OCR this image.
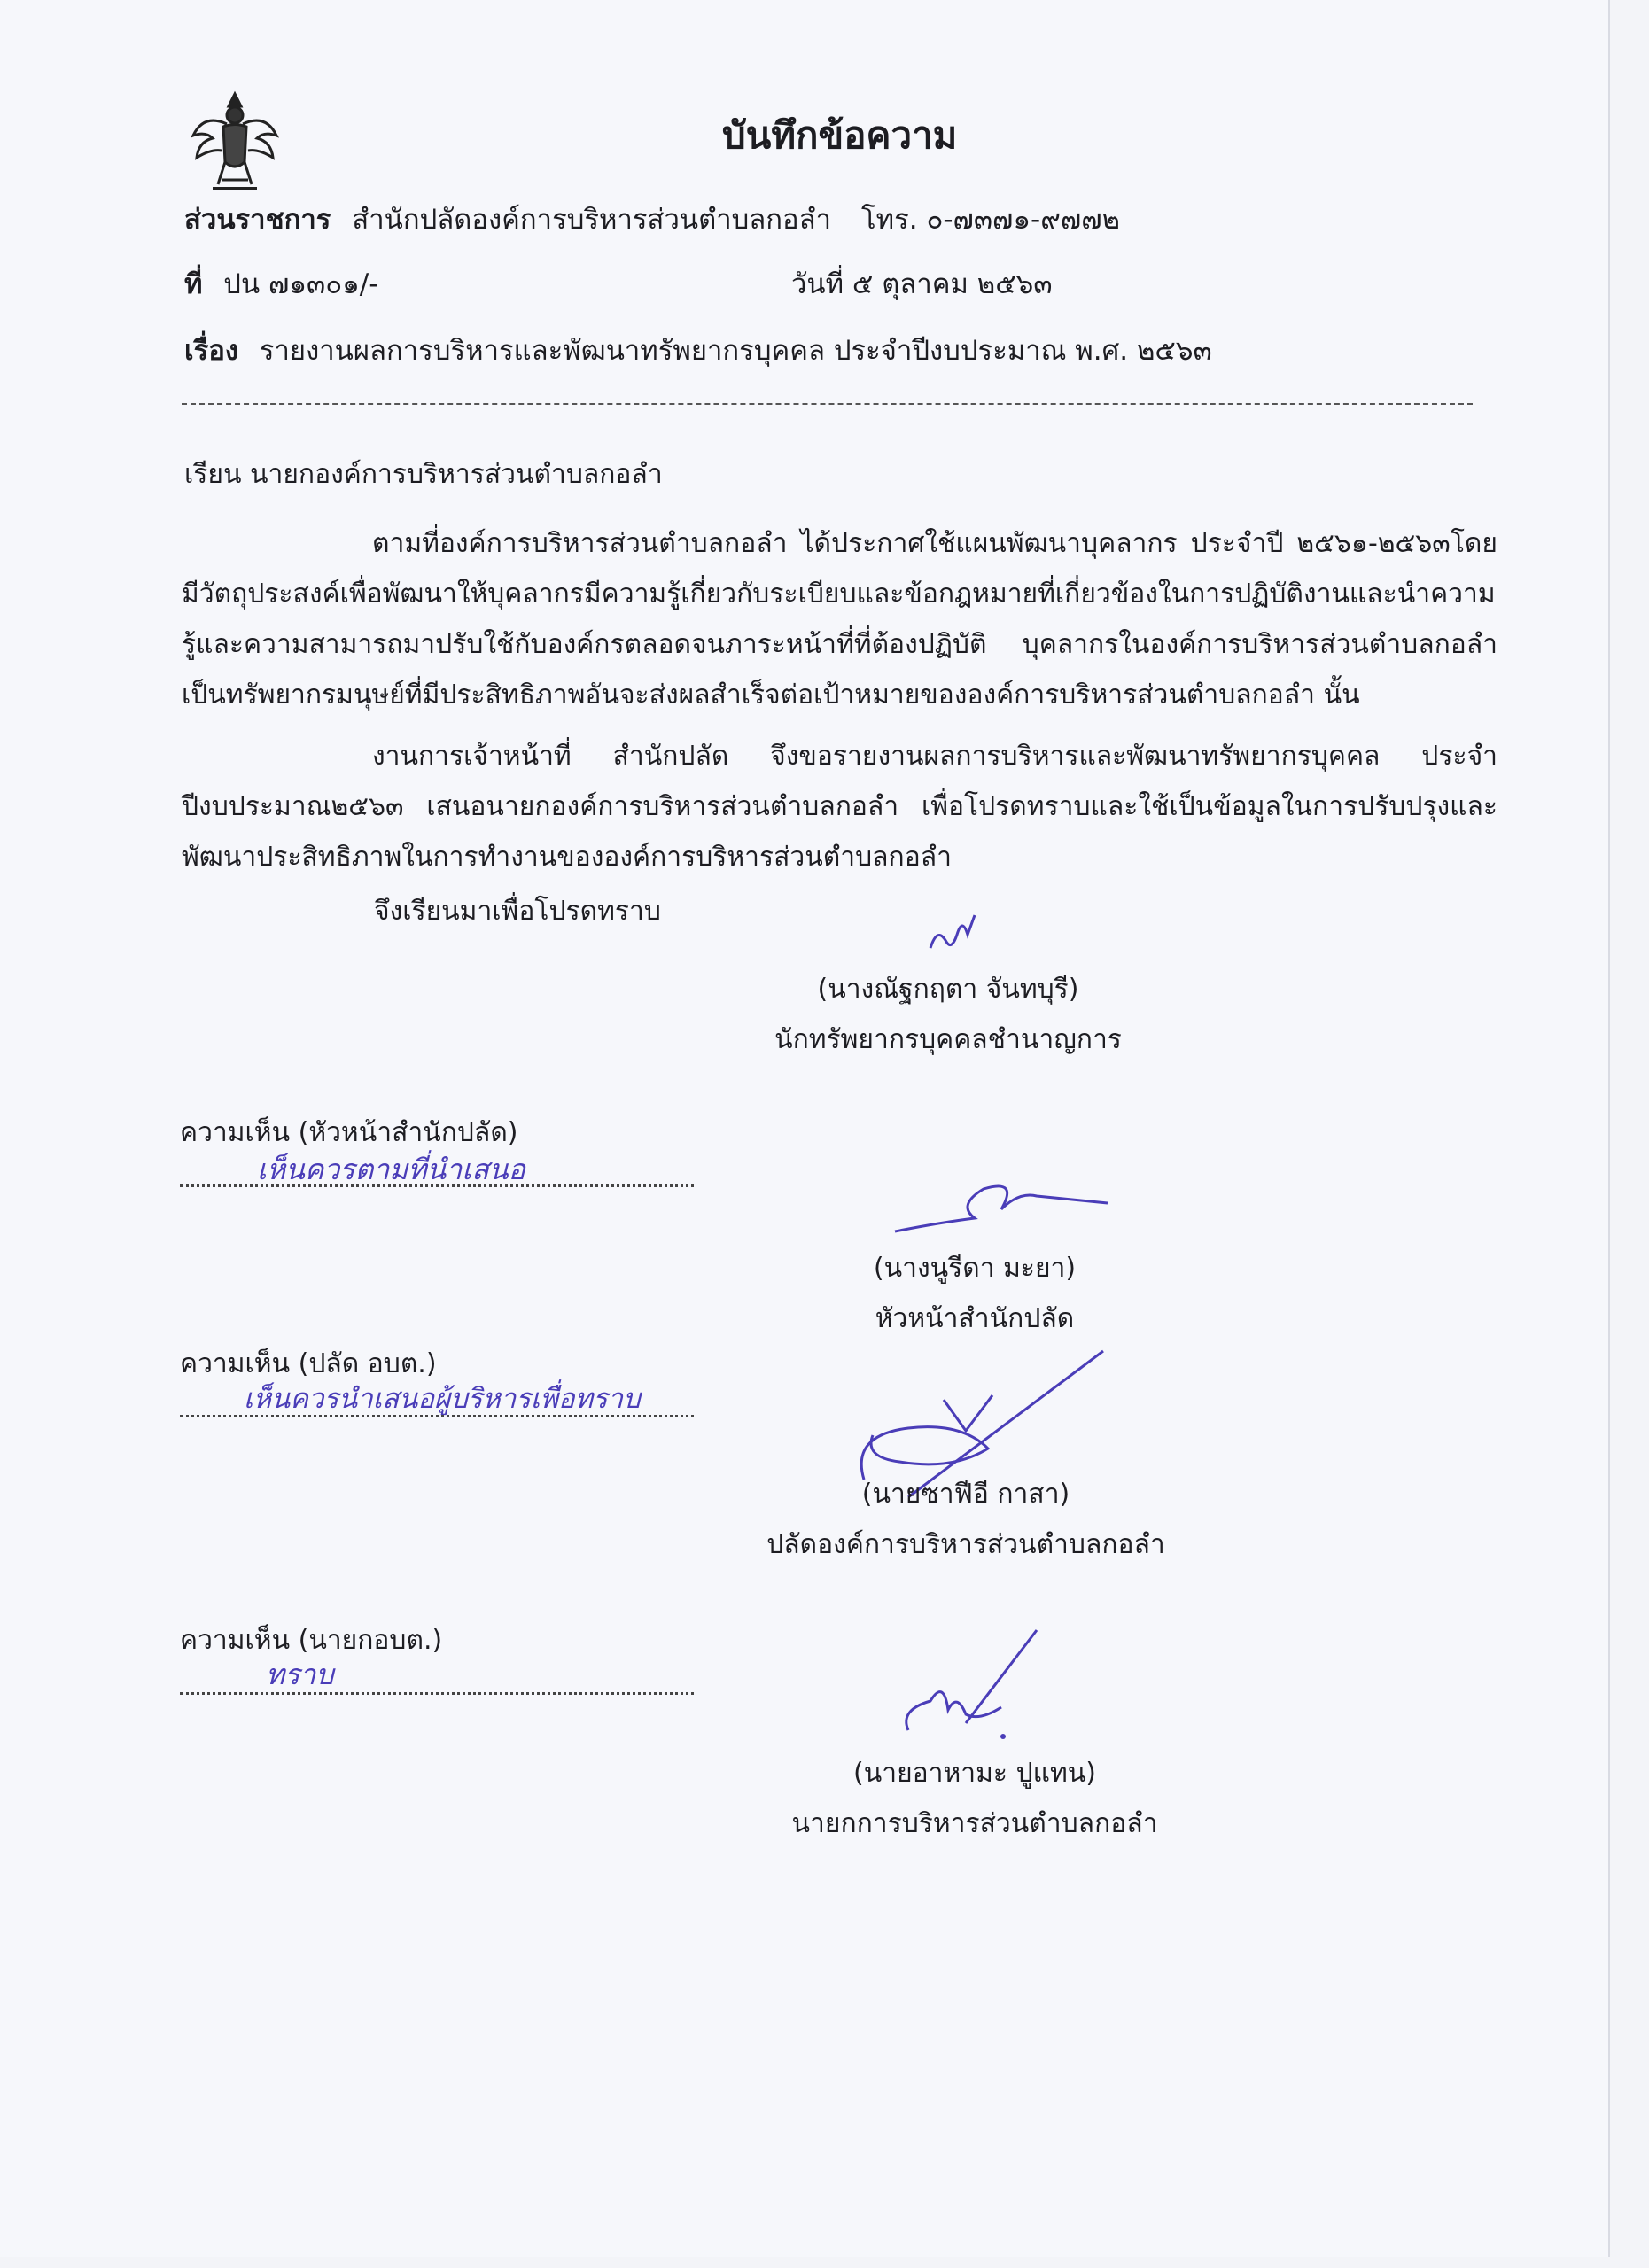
บันทึกข้อความ
ส่วนราชการ สำนักปลัดองค์การบริหารส่วนตำบลกอลำ โทร. ๐-๗๓๗๑-๙๗๗๒
ที่ ปน ๗๑๓๐๑/-	วันที่ ๕ ตุลาคม ๒๕๖๓
เรื่อง รายงานผลการบริหารและพัฒนาทรัพยากรบุคคล ประจำปีงบประมาณ พ.ศ. ๒๕๖๓
เรียน นายกองค์การบริหารส่วนตำบลกอลำ
ตามที่องค์การบริหารส่วนตำบลกอลำ ได้ประกาศใช้แผนพัฒนาบุคลากร ประจำปี ๒๕๖๑-๒๕๖๓โดยมีวัตถุประสงค์เพื่อพัฒนาให้บุคลากรมีความรู้เกี่ยวกับระเบียบและข้อกฎหมายที่เกี่ยวข้องในการปฏิบัติงานและนำความรู้และความสามารถมาปรับใช้กับองค์กรตลอดจนภาระหน้าที่ที่ต้องปฏิบัติ บุคลากรในองค์การบริหารส่วนตำบลกอลำเป็นทรัพยากรมนุษย์ที่มีประสิทธิภาพอันจะส่งผลสำเร็จต่อเป้าหมายขององค์การบริหารส่วนตำบลกอลำ นั้น
งานการเจ้าหน้าที่ สำนักปลัด จึงขอรายงานผลการบริหารและพัฒนาทรัพยากรบุคคล ประจำปีงบประมาณ๒๕๖๓ เสนอนายกองค์การบริหารส่วนตำบลกอลำ เพื่อโปรดทราบและใช้เป็นข้อมูลในการปรับปรุงและพัฒนาประสิทธิภาพในการทำงานขององค์การบริหารส่วนตำบลกอลำ
จึงเรียนมาเพื่อโปรดทราบ
(นางณัฐกฤตา จันทบุรี)
นักทรัพยากรบุคคลชำนาญการ
ความเห็น (หัวหน้าสำนักปลัด)
เห็นควรตามที่นำเสนอ
(นางนูรีดา มะยา)
หัวหน้าสำนักปลัด
ความเห็น (ปลัด อบต.)
เห็นควรนำเสนอผู้บริหารเพื่อทราบ
(นายซาฟีอี กาสา)
ปลัดองค์การบริหารส่วนตำบลกอลำ
ความเห็น (นายกอบต.)
ทราบ
(นายอาหามะ ปูแทน)
นายกการบริหารส่วนตำบลกอลำ
